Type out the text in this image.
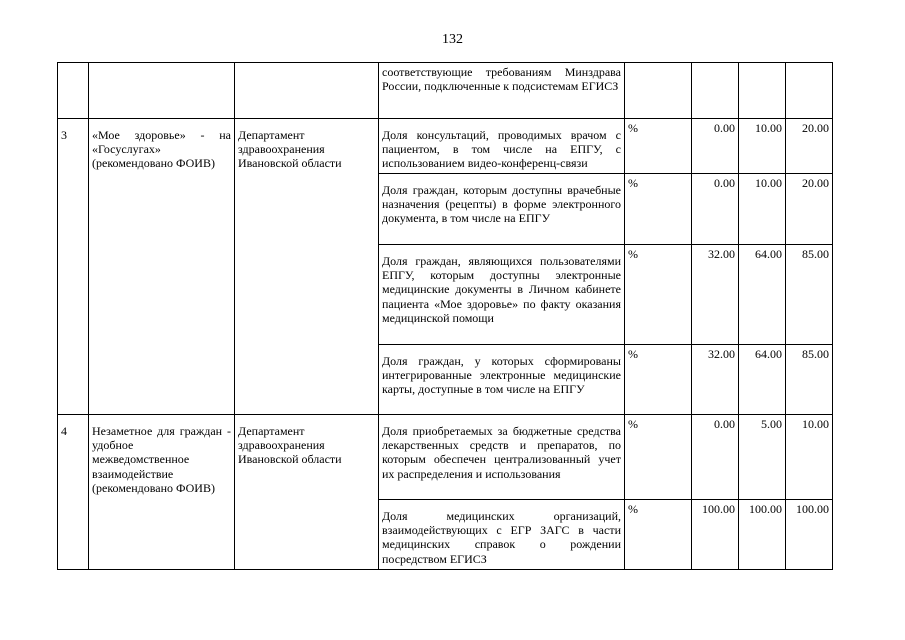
132
			соответствующие требованиям Минздрава России, подключенные к подсистемам ЕГИСЗ				
3	«Мое здоровье» - на «Госуслугах» (рекомендовано ФОИВ)	Департамент здравоохранения Ивановской области	Доля консультаций, проводимых врачом с пациентом, в том числе на ЕПГУ, с использованием видео-конференц-связи	%	0.00	10.00	20.00
			Доля граждан, которым доступны врачебные назначения (рецепты) в форме электронного документа, в том числе на ЕПГУ	%	0.00	10.00	20.00
			Доля граждан, являющихся пользователями ЕПГУ, которым доступны электронные медицинские документы в Личном кабинете пациента «Мое здоровье» по факту оказания медицинской помощи	%	32.00	64.00	85.00
			Доля граждан, у которых сформированы интегрированные электронные медицинские карты, доступные в том числе на ЕПГУ	%	32.00	64.00	85.00
4	Незаметное для граждан - удобное межведомственное взаимодействие (рекомендовано ФОИВ)	Департамент здравоохранения Ивановской области	Доля приобретаемых за бюджетные средства лекарственных средств и препаратов, по которым обеспечен централизованный учет их распределения и использования	%	0.00	5.00	10.00
			Доля медицинских организаций, взаимодействующих с ЕГР ЗАГС в части медицинских справок о рождении посредством ЕГИСЗ	%	100.00	100.00	100.00
